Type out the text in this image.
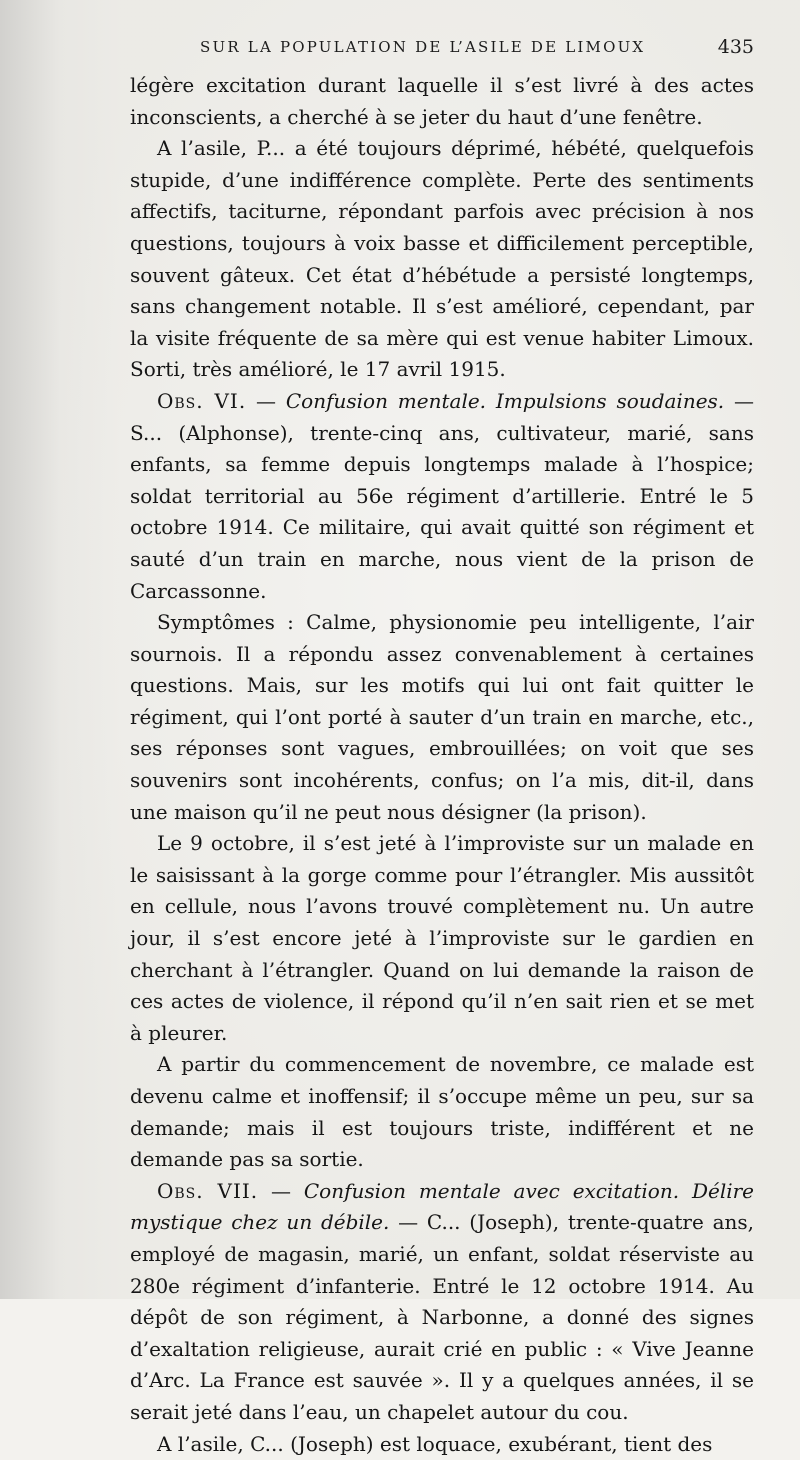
SUR LA POPULATION DE L’ASILE DE LIMOUX	435

légère excitation durant laquelle il s’est livré à des actes inconscients, a cherché à se jeter du haut d’une fenêtre.

A l’asile, P... a été toujours déprimé, hébété, quelquefois stupide, d’une indifférence complète. Perte des sentiments affectifs, taciturne, répondant parfois avec précision à nos questions, toujours à voix basse et difficilement perceptible, souvent gâteux. Cet état d’hébétude a persisté longtemps, sans changement notable. Il s’est amélioré, cependant, par la visite fréquente de sa mère qui est venue habiter Limoux. Sorti, très amélioré, le 17 avril 1915.

Obs. VI. — Confusion mentale. Impulsions soudaines. — S... (Alphonse), trente-cinq ans, cultivateur, marié, sans enfants, sa femme depuis longtemps malade à l’hospice; soldat territorial au 56e régiment d’artillerie. Entré le 5 octobre 1914. Ce militaire, qui avait quitté son régiment et sauté d’un train en marche, nous vient de la prison de Carcassonne.

Symptômes : Calme, physionomie peu intelligente, l’air sournois. Il a répondu assez convenablement à certaines questions. Mais, sur les motifs qui lui ont fait quitter le régiment, qui l’ont porté à sauter d’un train en marche, etc., ses réponses sont vagues, embrouillées; on voit que ses souvenirs sont incohérents, confus; on l’a mis, dit-il, dans une maison qu’il ne peut nous désigner (la prison).

Le 9 octobre, il s’est jeté à l’improviste sur un malade en le saisissant à la gorge comme pour l’étrangler. Mis aussitôt en cellule, nous l’avons trouvé complètement nu. Un autre jour, il s’est encore jeté à l’improviste sur le gardien en cherchant à l’étrangler. Quand on lui demande la raison de ces actes de violence, il répond qu’il n’en sait rien et se met à pleurer.

A partir du commencement de novembre, ce malade est devenu calme et inoffensif; il s’occupe même un peu, sur sa demande; mais il est toujours triste, indifférent et ne demande pas sa sortie.

Obs. VII. — Confusion mentale avec excitation. Délire mystique chez un débile. — C... (Joseph), trente-quatre ans, employé de magasin, marié, un enfant, soldat réserviste au 280e régiment d’infanterie. Entré le 12 octobre 1914. Au dépôt de son régiment, à Narbonne, a donné des signes d’exaltation religieuse, aurait crié en public : « Vive Jeanne d’Arc. La France est sauvée ». Il y a quelques années, il se serait jeté dans l’eau, un chapelet autour du cou.

A l’asile, C... (Joseph) est loquace, exubérant, tient des
